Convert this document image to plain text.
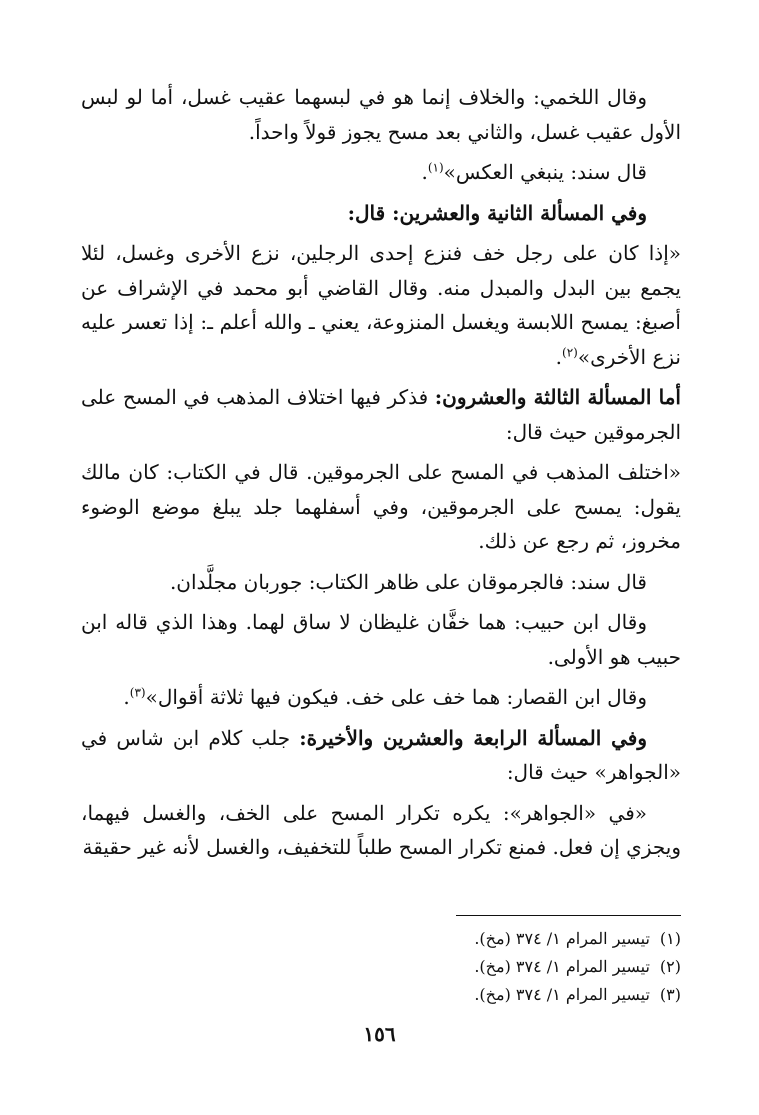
وقال اللخمي: والخلاف إنما هو في لبسهما عقيب غسل، أما لو لبس الأول عقيب غسل، والثاني بعد مسح يجوز قولاً واحداً.

قال سند: ينبغي العكس»$^{(١)}$.

وفي المسألة الثانية والعشرين: قال:

«إذا كان على رجل خف فنزع إحدى الرجلين، نزع الأخرى وغسل، لئلا يجمع بين البدل والمبدل منه. وقال القاضي أبو محمد في الإشراف عن أصبغ: يمسح اللابسة ويغسل المنزوعة، يعني ـ والله أعلم ـ: إذا تعسر عليه نزع الأخرى»$^{(٢)}$.

أما المسألة الثالثة والعشرون: فذكر فيها اختلاف المذهب في المسح على الجرموقين حيث قال:

«اختلف المذهب في المسح على الجرموقين. قال في الكتاب: كان مالك يقول: يمسح على الجرموقين، وفي أسفلهما جلد يبلغ موضع الوضوء مخروز، ثم رجع عن ذلك.

قال سند: فالجرموقان على ظاهر الكتاب: جوربان مجلَّدان.

وقال ابن حبيب: هما خفَّان غليظان لا ساق لهما. وهذا الذي قاله ابن حبيب هو الأولى.

وقال ابن القصار: هما خف على خف. فيكون فيها ثلاثة أقوال»$^{(٣)}$.

وفي المسألة الرابعة والعشرين والأخيرة: جلب كلام ابن شاس في «الجواهر» حيث قال:

«في «الجواهر»: يكره تكرار المسح على الخف، والغسل فيهما، ويجزي إن فعل. فمنع تكرار المسح طلباً للتخفيف، والغسل لأنه غير حقيقة

(١)تيسير المرام ١/ ٣٧٤ (مخ).

(٢)تيسير المرام ١/ ٣٧٤ (مخ).

(٣)تيسير المرام ١/ ٣٧٤ (مخ).

١٥٦
